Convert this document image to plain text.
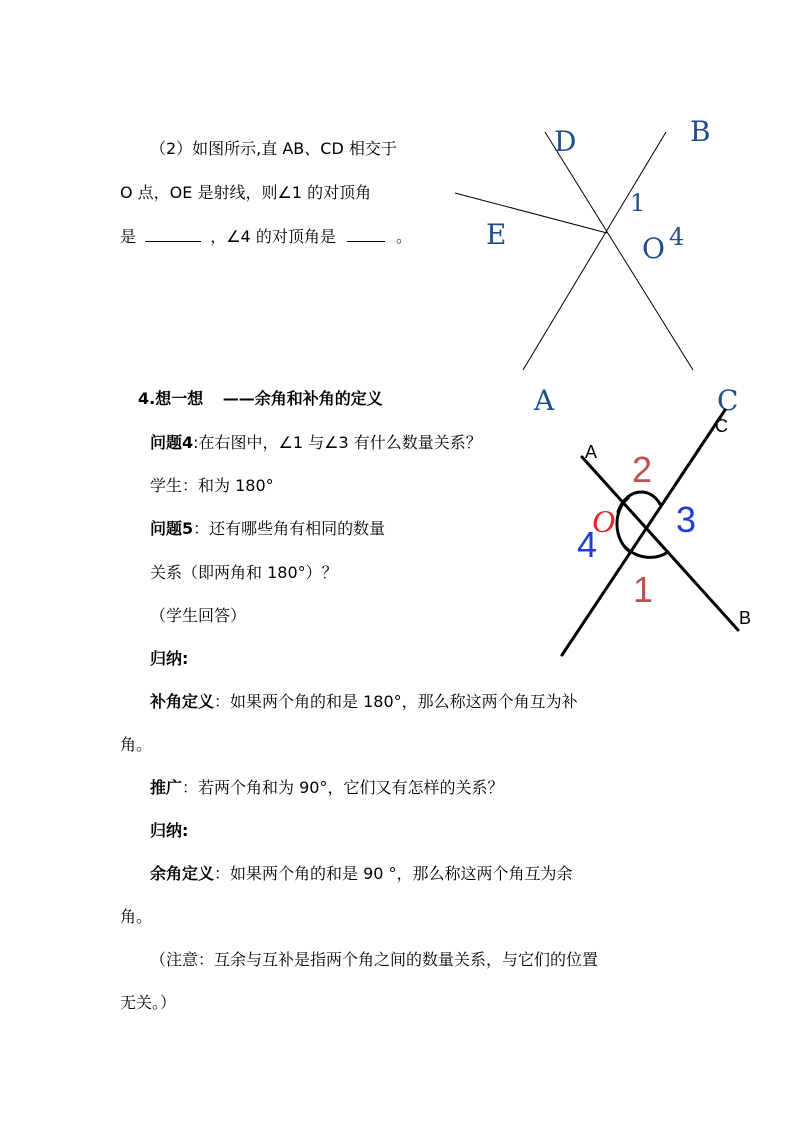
（2）如图所示,直 AB、CD 相交于
O 点，OE 是射线，则∠1 的对顶角
是	，∠4 的对顶角是	。
D	B
E
1
O 4
A	C
4.想一想 ——余角和补角的定义
问题4:在右图中，∠1 与∠3 有什么数量关系？
学生：和为 180°
问题5：还有哪些角有相同的数量
关系（即两角和 180°）？
（学生回答）
归纳:
补角定义：如果两个角的和是 180°，那么称这两个角互为补
角。
推广：若两个角和为 90°，它们又有怎样的关系？
归纳:
余角定义：如果两个角的和是 90 °，那么称这两个角互为余
角。
（注意：互余与互补是指两个角之间的数量关系，与它们的位置
无关。）
A
C
B
2
O 3
4
1
